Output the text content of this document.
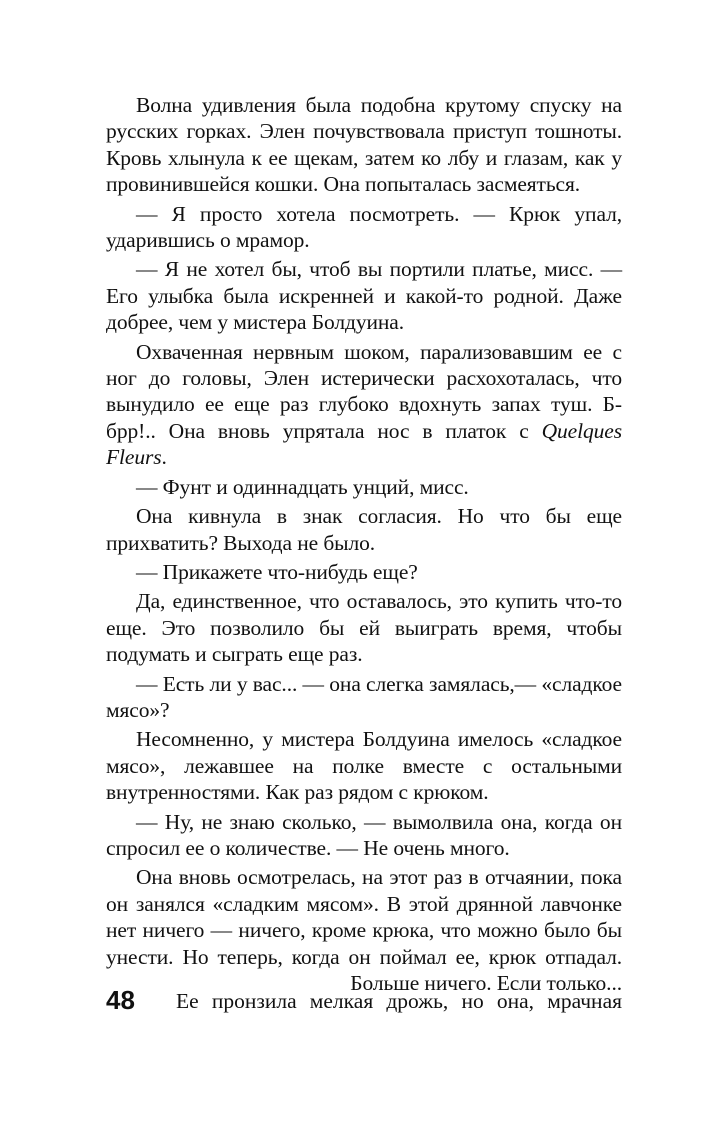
Волна удивления была подобна крутому спуску на русских горках. Элен почувствовала приступ тошноты. Кровь хлынула к ее щекам, затем ко лбу и глазам, как у провинившейся кошки. Она попыталась засмеяться.

— Я просто хотела посмотреть. — Крюк упал, ударившись о мрамор.

— Я не хотел бы, чтоб вы портили платье, мисс. — Его улыбка была искренней и какой-то родной. Даже добрее, чем у мистера Болдуина.

Охваченная нервным шоком, парализовавшим ее с ног до головы, Элен истерически расхохоталась, что вынудило ее еще раз глубоко вдохнуть запах туш. Б-брр!.. Она вновь упрятала нос в платок с Quelques Fleurs.

— Фунт и одиннадцать унций, мисс.

Она кивнула в знак согласия. Но что бы еще прихватить? Выхода не было.

— Прикажете что-нибудь еще?

Да, единственное, что оставалось, это купить что-то еще. Это позволило бы ей выиграть время, чтобы подумать и сыграть еще раз.

— Есть ли у вас... — она слегка замялась,— «сладкое мясо»?

Несомненно, у мистера Болдуина имелось «сладкое мясо», лежавшее на полке вместе с остальными внутренностями. Как раз рядом с крюком.

— Ну, не знаю сколько, — вымолвила она, когда он спросил ее о количестве. — Не очень много.

Она вновь осмотрелась, на этот раз в отчаянии, пока он занялся «сладким мясом». В этой дрянной лавчонке нет ничего — ничего, кроме крюка, что можно было бы унести. Но теперь, когда он поймал ее, крюк отпадал. Больше ничего. Если только...

48 Ее пронзила мелкая дрожь, но она, мрачная
